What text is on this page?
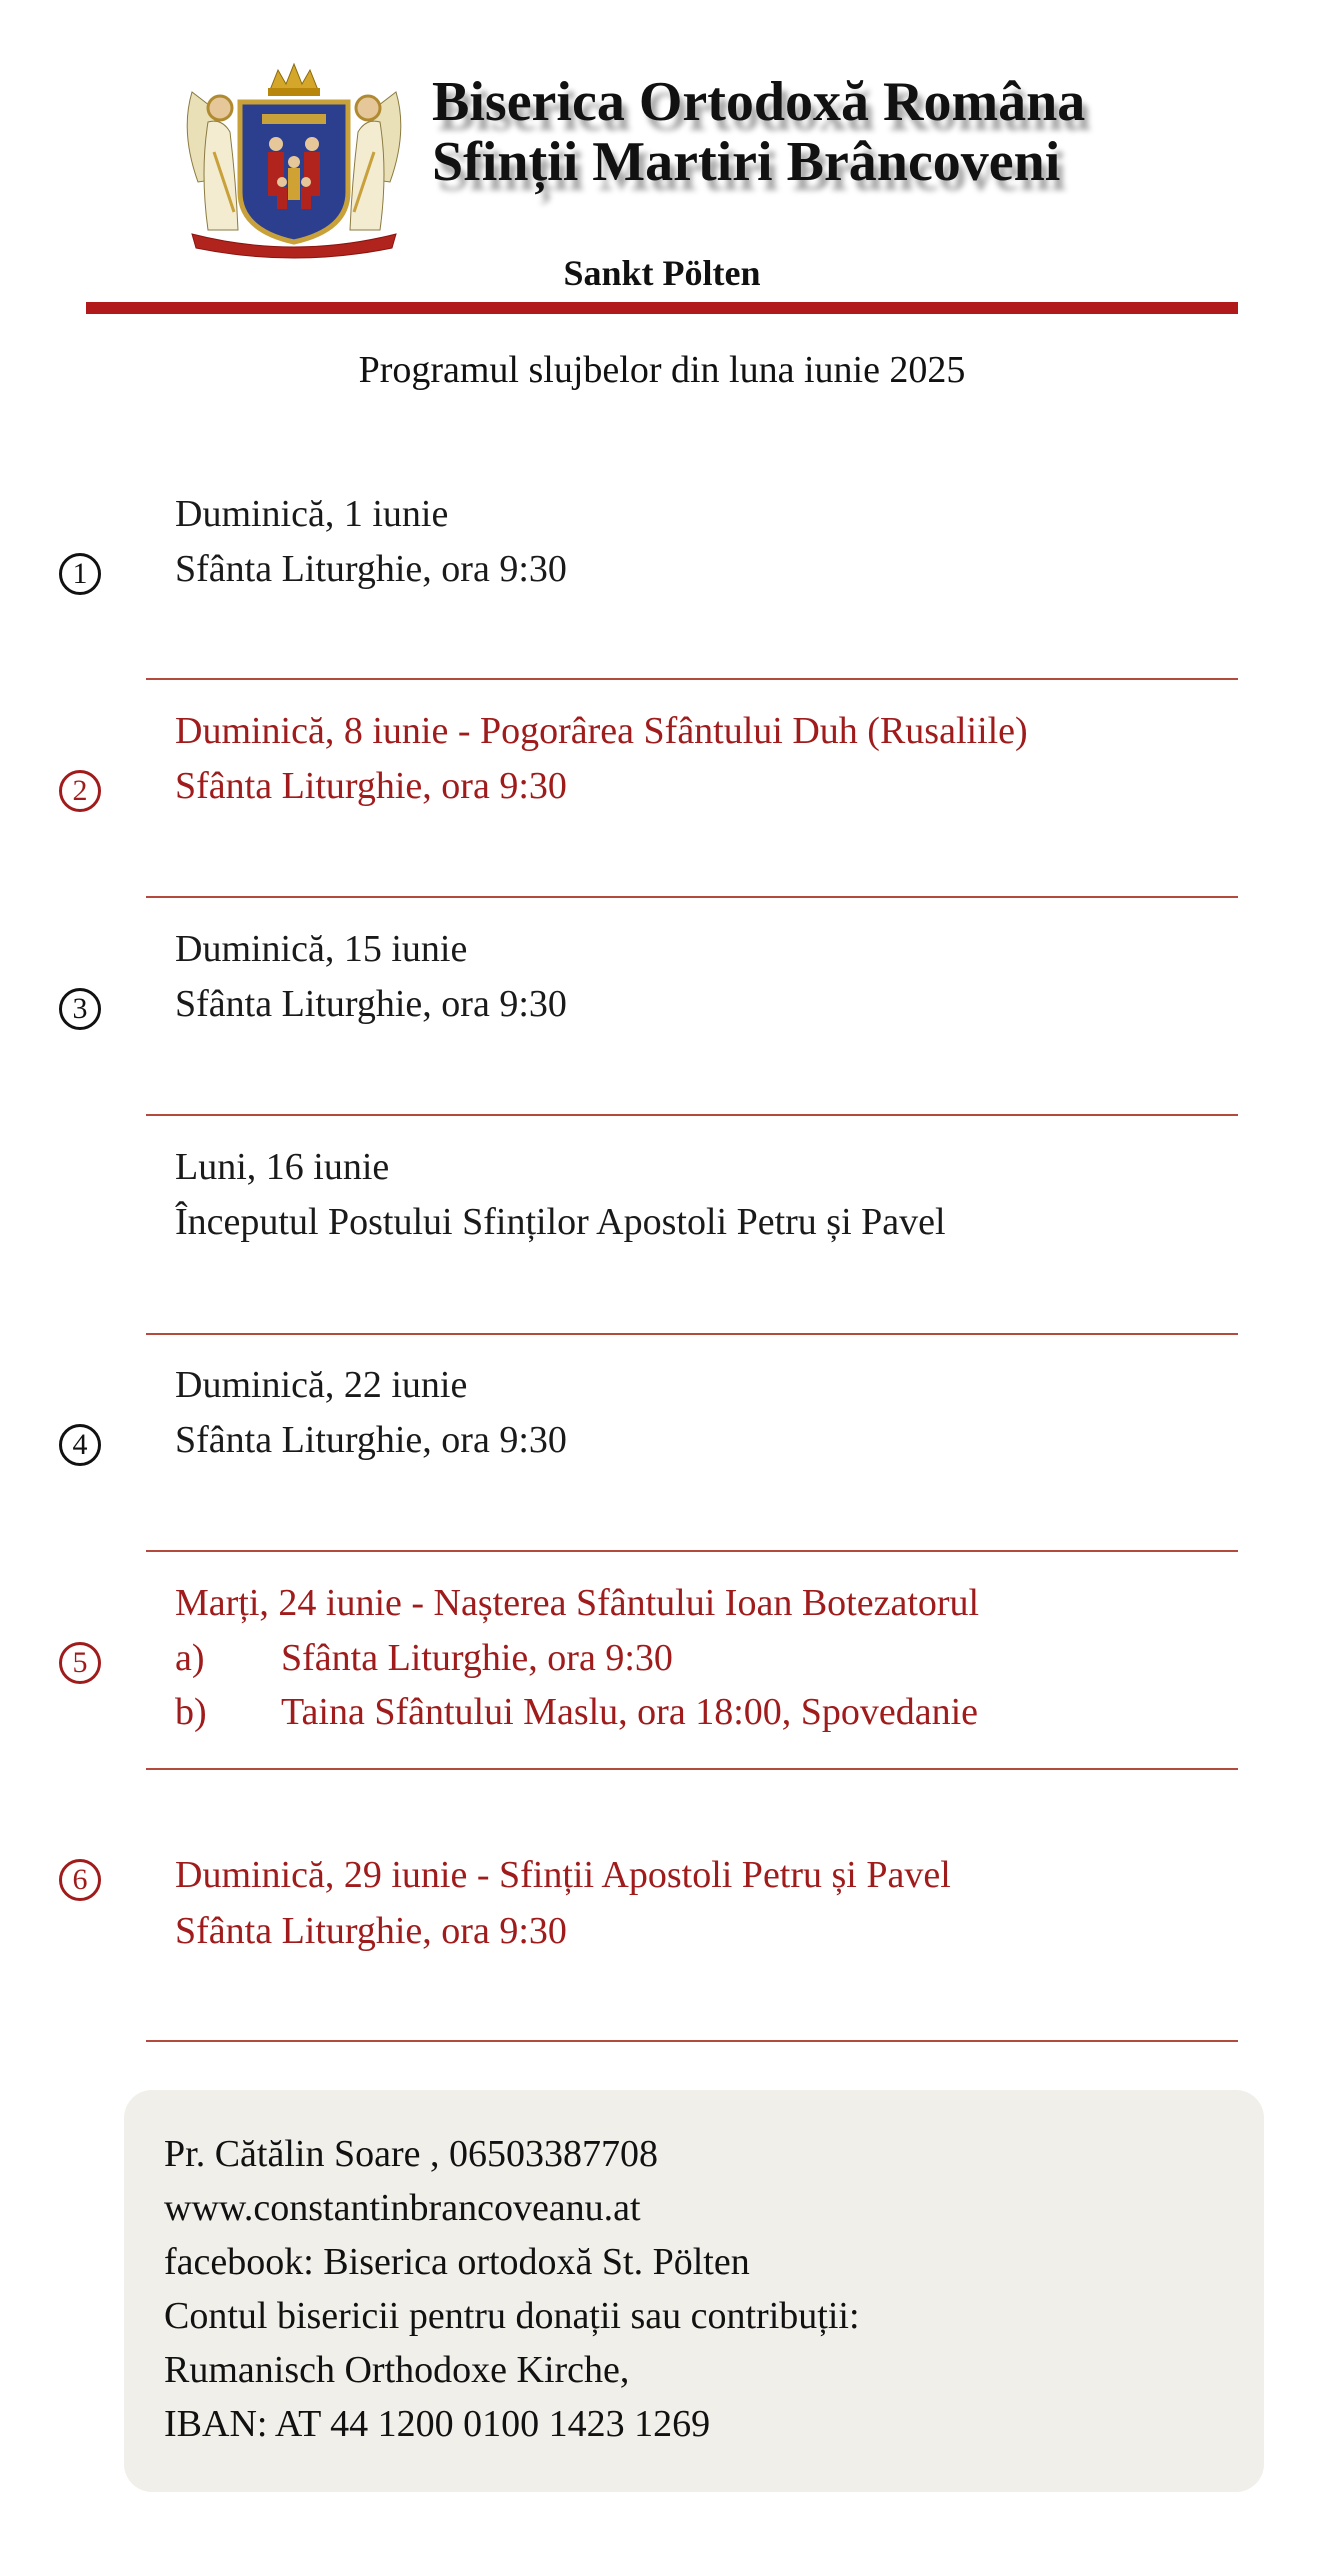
Biserica Ortodoxă Româna
Sfinții Martiri Brâncoveni
Sankt Pölten
Programul slujbelor din luna iunie 2025
Duminică, 1 iunie
1	Sfânta Liturghie, ora 9:30
Duminică, 8 iunie - Pogorârea Sfântului Duh (Rusaliile)
2	Sfânta Liturghie, ora 9:30
Duminică, 15 iunie
3	Sfânta Liturghie, ora 9:30
Luni, 16 iunie
Începutul Postului Sfinților Apostoli Petru și Pavel
Duminică, 22 iunie
4	Sfânta Liturghie, ora 9:30
Marți, 24 iunie - Nașterea Sfântului Ioan Botezatorul
5	a) Sfânta Liturghie, ora 9:30
b) Taina Sfântului Maslu, ora 18:00, Spovedanie
Duminică, 29 iunie - Sfinții Apostoli Petru și Pavel
6
Sfânta Liturghie, ora 9:30
Pr. Cătălin Soare , 06503387708
www.constantinbrancoveanu.at
facebook: Biserica ortodoxă St. Pölten
Contul bisericii pentru donații sau contribuții:
Rumanisch Orthodoxe Kirche,
IBAN: AT 44 1200 0100 1423 1269
